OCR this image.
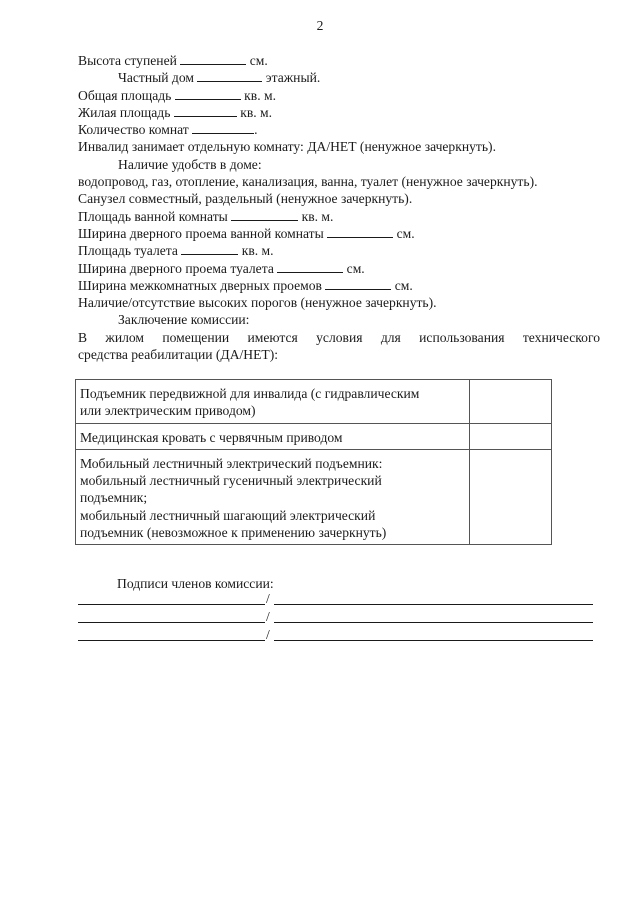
2
Высота ступеней	см.
Частный дом	этажный.
Общая площадь	кв. м.
Жилая площадь	кв. м.
Количество комнат	.
Инвалид занимает отдельную комнату: ДА/НЕТ (ненужное зачеркнуть).
Наличие удобств в доме:
водопровод, газ, отопление, канализация, ванна, туалет (ненужное зачеркнуть).
Санузел совместный, раздельный (ненужное зачеркнуть).
Площадь ванной комнаты	кв. м.
Ширина дверного проема ванной комнаты	см.
Площадь туалета	кв. м.
Ширина дверного проема туалета	см.
Ширина межкомнатных дверных проемов	см.
Наличие/отсутствие высоких порогов (ненужное зачеркнуть).
Заключение комиссии:
В жилом помещении имеются условия для использования технического
средства реабилитации (ДА/НЕТ):
Подъемник передвижной для инвалида (с гидравлическим
или электрическим приводом)	

Медицинская кровать с червячным приводом	

Мобильный лестничный электрический подъемник:
мобильный лестничный гусеничный электрический
подъемник;
мобильный лестничный шагающий электрический
подъемник (невозможное к применению зачеркнуть)	

Подписи членов комиссии:
/
/
/
